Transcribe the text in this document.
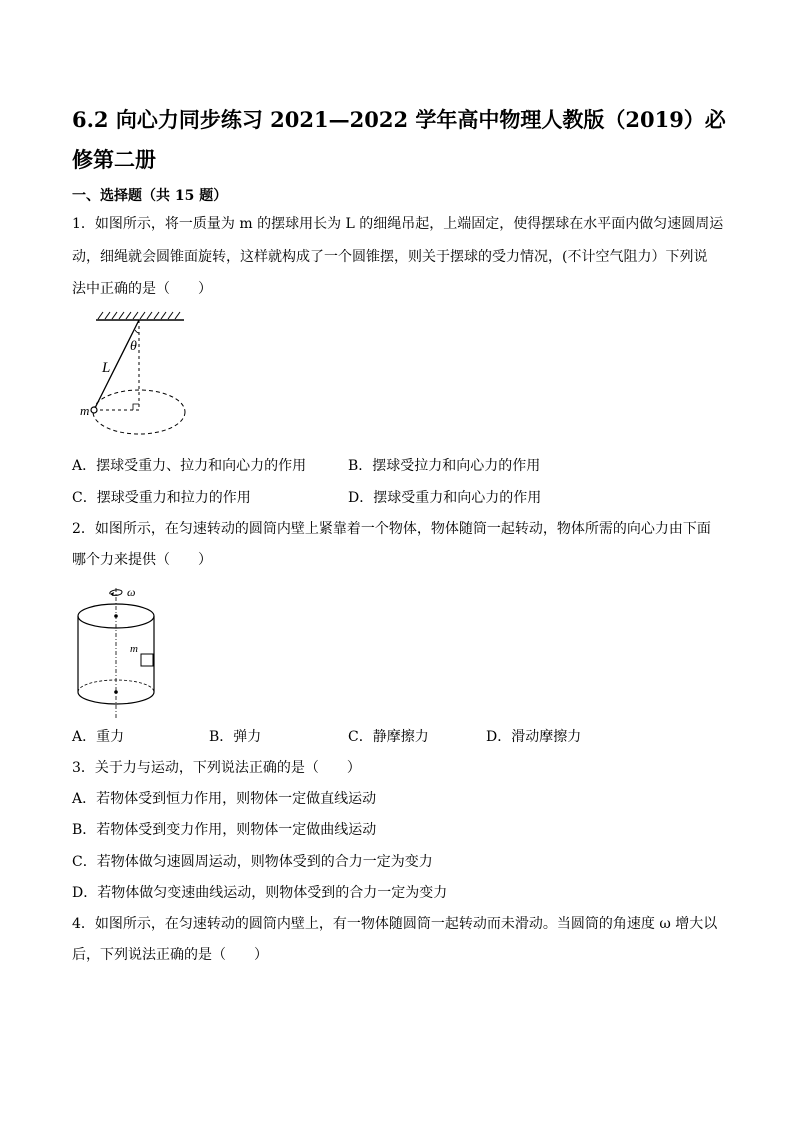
6.2 向心力同步练习 2021—2022 学年高中物理人教版（2019）必修第二册
一、选择题（共 15 题）
1．如图所示，将一质量为 m 的摆球用长为 L 的细绳吊起，上端固定，使得摆球在水平面内做匀速圆周运
动，细绳就会圆锥面旋转，这样就构成了一个圆锥摆，则关于摆球的受力情况，(不计空气阻力）下列说
法中正确的是（　　）
L
θ
m
A．摆球受重力、拉力和向心力的作用	B．摆球受拉力和向心力的作用
C．摆球受重力和拉力的作用	D．摆球受重力和向心力的作用
2．如图所示，在匀速转动的圆筒内壁上紧靠着一个物体，物体随筒一起转动，物体所需的向心力由下面
哪个力来提供（　　）
ω
m
A．重力	B．弹力	C．静摩擦力	D．滑动摩擦力
3．关于力与运动，下列说法正确的是（　　）
A．若物体受到恒力作用，则物体一定做直线运动
B．若物体受到变力作用，则物体一定做曲线运动
C．若物体做匀速圆周运动，则物体受到的合力一定为变力
D．若物体做匀变速曲线运动，则物体受到的合力一定为变力
4．如图所示，在匀速转动的圆筒内壁上，有一物体随圆筒一起转动而未滑动。当圆筒的角速度 ω 增大以
后，下列说法正确的是（　　）
